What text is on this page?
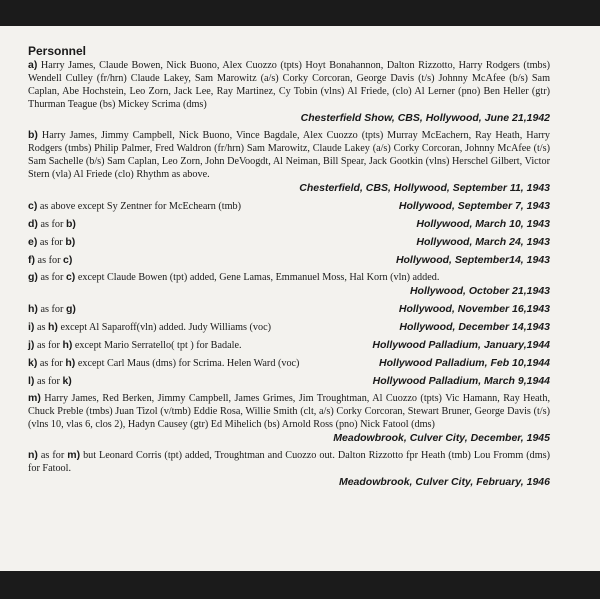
Personnel
a) Harry James, Claude Bowen, Nick Buono, Alex Cuozzo (tpts) Hoyt Bonahannon, Dalton Rizzotto, Harry Rodgers (tmbs) Wendell Culley (fr/hrn) Claude Lakey, Sam Marowitz (a/s) Corky Corcoran, George Davis (t/s) Johnny McAfee (b/s) Sam Caplan, Abe Hochstein, Leo Zorn, Jack Lee, Ray Martinez, Cy Tobin (vlns) Al Friede, (clo) Al Lerner (pno) Ben Heller (gtr) Thurman Teague (bs) Mickey Scrima (dms)
Chesterfield Show, CBS, Hollywood, June 21,1942
b) Harry James, Jimmy Campbell, Nick Buono, Vince Bagdale, Alex Cuozzo (tpts) Murray McEachern, Ray Heath, Harry Rodgers (tmbs) Philip Palmer, Fred Waldron (fr/hrn) Sam Marowitz, Claude Lakey (a/s) Corky Corcoran, Johnny McAfee (t/s) Sam Sachelle (b/s) Sam Caplan, Leo Zorn, John DeVoogdt, Al Neiman, Bill Spear, Jack Gootkin (vlns) Herschel Gilbert, Victor Stern (vla) Al Friede (clo) Rhythm as above.
Chesterfield, CBS, Hollywood, September 11, 1943
c) as above except Sy Zentner for McEchearn (tmb)	Hollywood, September 7, 1943
d) as for b)	Hollywood, March 10, 1943
e) as for b)	Hollywood, March 24, 1943
f) as for c)	Hollywood, September14, 1943
g) as for c) except Claude Bowen (tpt) added, Gene Lamas, Emmanuel Moss, Hal Korn (vln) added.
Hollywood, October 21,1943
h) as for g)	Hollywood, November 16,1943
i) as h) except Al Saparoff(vln) added. Judy Williams (voc)	Hollywood, December 14,1943
j) as for h) except Mario Serratello( tpt ) for Badale.	Hollywood Palladium, January,1944
k) as for h) except Carl Maus (dms) for Scrima. Helen Ward (voc)	Hollywood Palladium, Feb 10,1944
l) as for k)	Hollywood Palladium, March 9,1944
m) Harry James, Red Berken, Jimmy Campbell, James Grimes, Jim Troughtman, Al Cuozzo (tpts) Vic Hamann, Ray Heath, Chuck Preble (tmbs) Juan Tizol (v/tmb) Eddie Rosa, Willie Smith (clt, a/s) Corky Corcoran, Stewart Bruner, George Davis (t/s) (vlns 10, vlas 6, clos 2), Hadyn Causey (gtr) Ed Mihelich (bs) Arnold Ross (pno) Nick Fatool (dms)
Meadowbrook, Culver City, December, 1945
n) as for m) but Leonard Corris (tpt) added, Troughtman and Cuozzo out. Dalton Rizzotto fpr Heath (tmb) Lou Fromm (dms) for Fatool.
Meadowbrook, Culver City, February, 1946
